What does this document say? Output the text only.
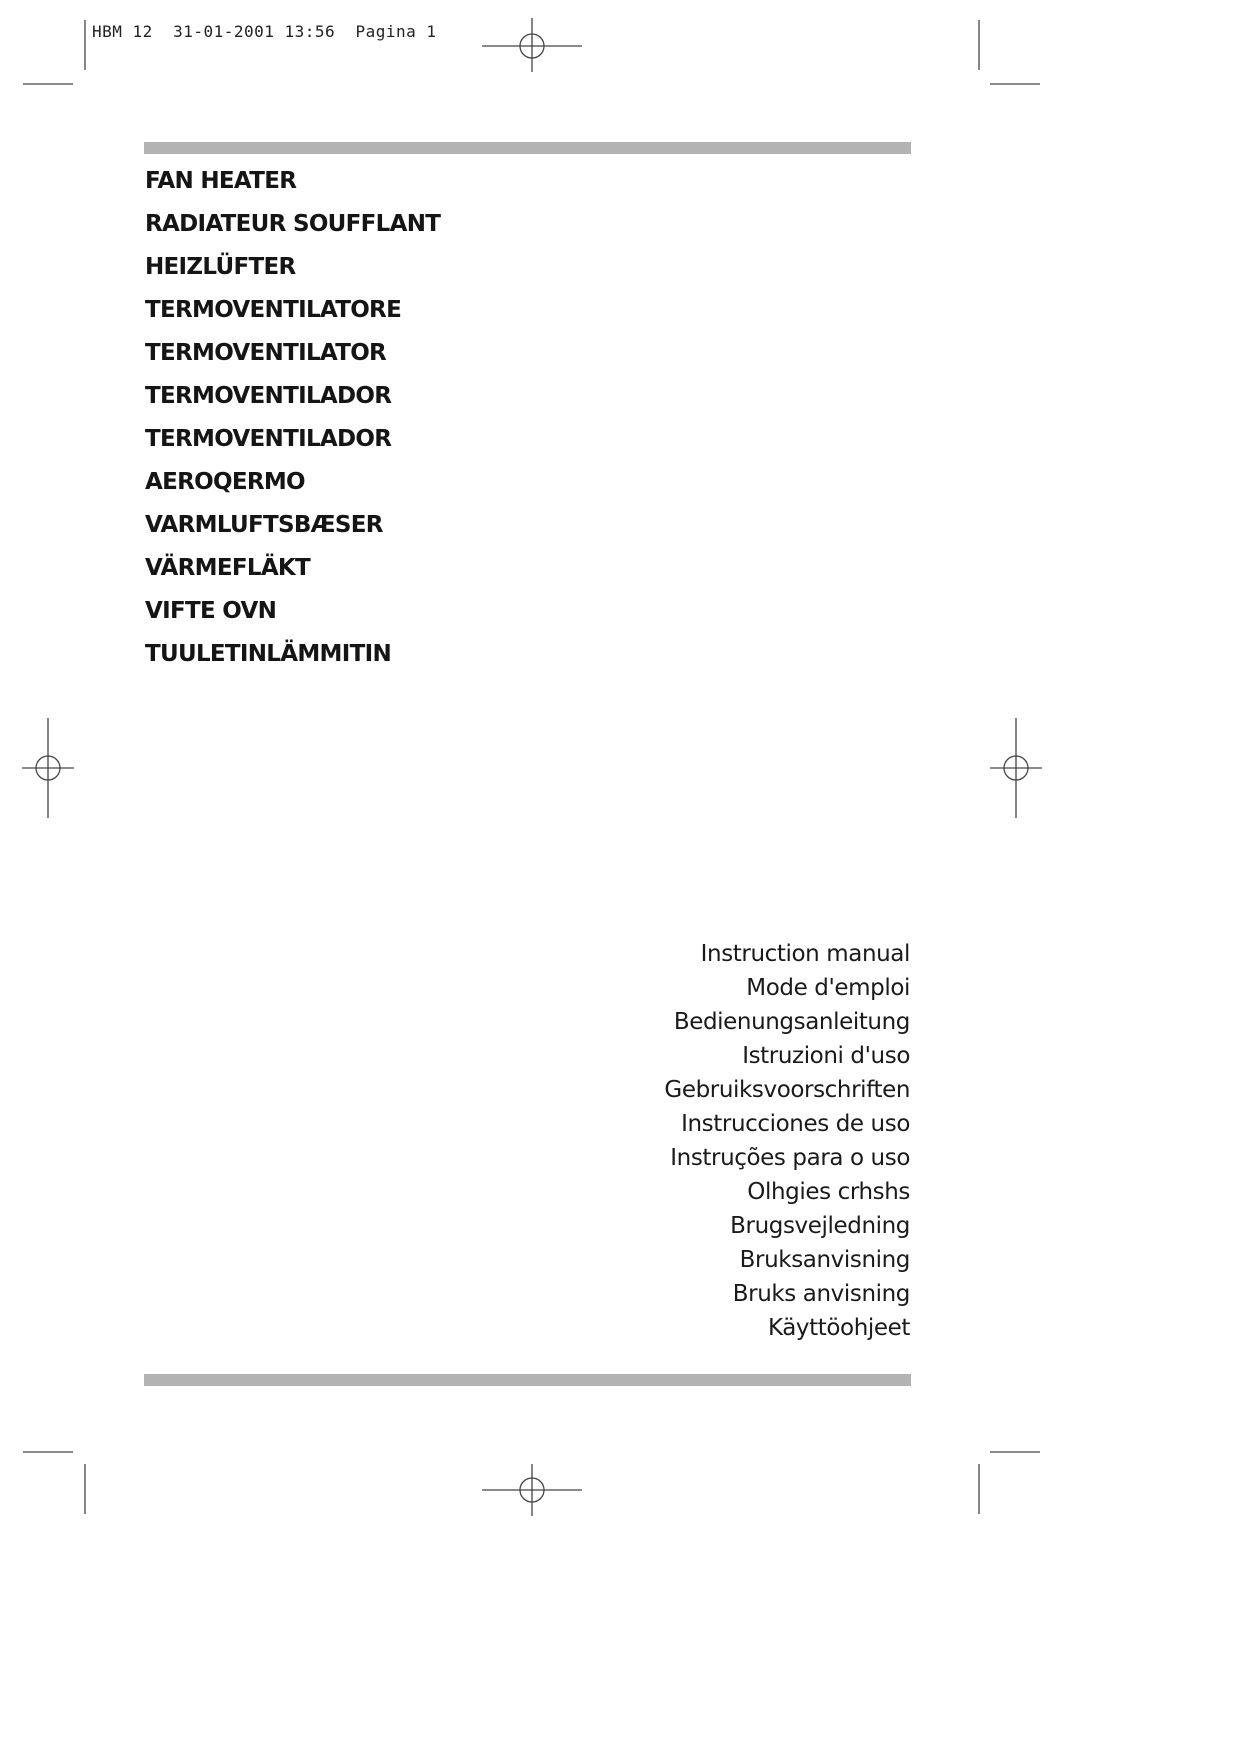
HBM 12  31-01-2001 13:56  Pagina 1
FAN HEATER
RADIATEUR SOUFFLANT
HEIZLÜFTER
TERMOVENTILATORE
TERMOVENTILATOR
TERMOVENTILADOR
TERMOVENTILADOR
AEROQERMO
VARMLUFTSBÆSER
VÄRMEFLÄKT
VIFTE OVN
TUULETINLÄMMITIN
Instruction manual
Mode d'emploi
Bedienungsanleitung
Istruzioni d'uso
Gebruiksvoorschriften
Instrucciones de uso
Instruções para o uso
Olhgies crhshs
Brugsvejledning
Bruksanvisning
Bruks anvisning
Käyttöohjeet
